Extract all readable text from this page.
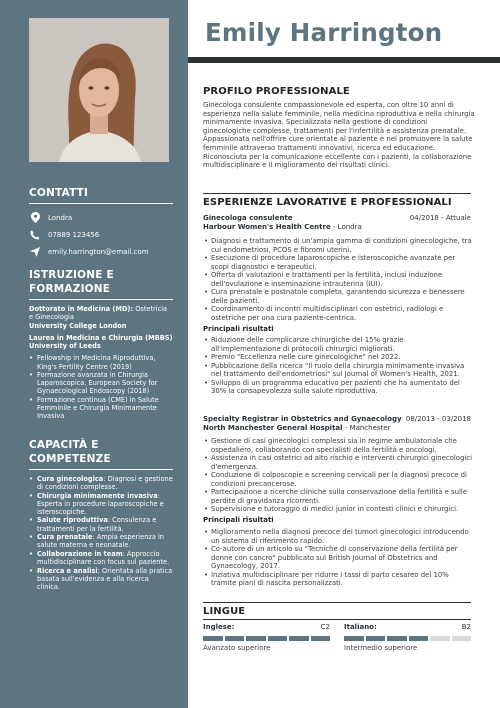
CONTATTI
Londra
07889 123456
emily.harrington@email.com
ISTRUZIONE E
FORMAZIONE
Dottorato in Medicina (MD): Ostetricia e Ginecologia
University College London
Laurea in Medicina e Chirurgia (MBBS)
University of Leeds
• Fellowship in Medicina Riproduttiva, King's Fertility Centre (2019)
• Formazione avanzata in Chirurgia Laparoscopica, European Society for Gynaecological Endoscopy (2018)
• Formazione continua (CME) in Salute Femminile e Chirurgia Minimamente Invasiva
CAPACITÀ E COMPETENZE
• Cura ginecologica: Diagnosi e gestione di condizioni complesse.
• Chirurgia minimamente invasiva: Esperta in procedure laparoscopiche e isteroscopiche.
• Salute riproduttiva: Consulenza e trattamenti per la fertilità.
• Cura prenatale: Ampia esperienza in salute materna e neonatale.
• Collaborazione in team: Approccio multidisciplinare con focus sul paziente.
• Ricerca e analisi: Orientata alla pratica basata sull'evidenza e alla ricerca clinica.
Emily Harrington
PROFILO PROFESSIONALE
Ginecologa consulente compassionevole ed esperta, con oltre 10 anni di esperienza nella salute femminile, nella medicina riproduttiva e nella chirurgia minimamente invasiva. Specializzata nella gestione di condizioni ginecologiche complesse, trattamenti per l'infertilità e assistenza prenatale. Appassionata nell'offrire cure orientate al paziente e nel promuovere la salute femminile attraverso trattamenti innovativi, ricerca ed educazione. Riconosciuta per la comunicazione eccellente con i pazienti, la collaborazione multidisciplinare e il miglioramento dei risultati clinici.
ESPERIENZE LAVORATIVE E PROFESSIONALI
Ginecologa consulente	04/2018 - Attuale
Harbour Women's Health Centre - Londra
• Diagnosi e trattamento di un'ampia gamma di condizioni ginecologiche, tra cui endometriosi, PCOS e fibromi uterini.
• Esecuzione di procedure laparoscopiche e isteroscopiche avanzate per scopi diagnostici e terapeutici.
• Offerta di valutazioni e trattamenti per la fertilità, inclusi induzione dell'ovulazione e inseminazione intrauterina (IUI).
• Cura prenatale e postnatale completa, garantendo sicurezza e benessere delle pazienti.
• Coordinamento di incontri multidisciplinari con ostetrici, radiologi e ostetriche per una cura paziente-centrica.
Principali risultati
• Riduzione delle complicanze chirurgiche del 15% grazie all'implementazione di protocolli chirurgici migliorati.
• Premio "Eccellenza nelle cure ginecologiche" nel 2022.
• Pubblicazione della ricerca "Il ruolo della chirurgia minimamente invasiva nel trattamento dell'endometriosi" sul Journal of Women's Health, 2021.
• Sviluppo di un programma educativo per pazienti che ha aumentato del 30% la consapevolezza sulla salute riproduttiva.
Specialty Registrar in Obstetrics and Gynaecology 08/2013 - 03/2018
North Manchester General Hospital - Manchester
• Gestione di casi ginecologici complessi sia in regime ambulatoriale che ospedaliero, collaborando con specialisti della fertilità e oncologi.
• Assistenza in casi ostetrici ad alto rischio e interventi chirurgici ginecologici d'emergenza.
• Conduzione di colposcopie e screening cervicali per la diagnosi precoce di condizioni precancerose.
• Partecipazione a ricerche cliniche sulla conservazione della fertilità e sulle perdite di gravidanza ricorrenti.
• Supervisione e tutoraggio di medici junior in contesti clinici e chirurgici.
Principali risultati
• Miglioramento nella diagnosi precoce dei tumori ginecologici introducendo un sistema di riferimento rapido.
• Co-autore di un articolo su "Tecniche di conservazione della fertilità per donne con cancro" pubblicato sul British Journal of Obstetrics and Gynaecology, 2017.
• Inziativa multidisciplinare per ridurre i tassi di parto cesareo del 10% tramite piani di nascita personalizzati.
LINGUE
Inglese:	C2
Avanzato superiore
Italiano:	B2
Intermedio superiore
